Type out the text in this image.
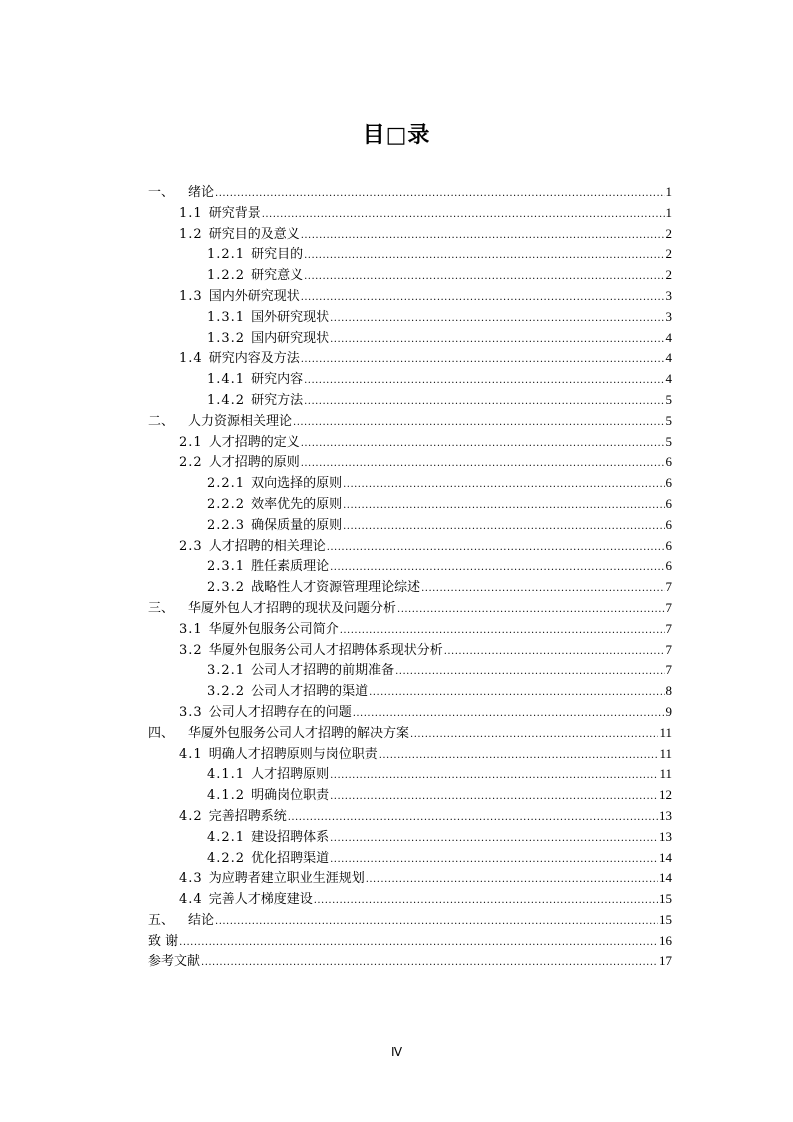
目□录
一、	绪论 .....	1
1.1 研究背景 .....	1
1.2 研究目的及意义 .....	2
1.2.1 研究目的 .....	2
1.2.2 研究意义 .....	2
1.3 国内外研究现状 .....	3
1.3.1 国外研究现状 .....	3
1.3.2 国内研究现状 .....	4
1.4 研究内容及方法 .....	4
1.4.1 研究内容 .....	4
1.4.2 研究方法 .....	5
二、	人力资源相关理论 .....	5
2.1 人才招聘的定义 .....	5
2.2 人才招聘的原则 .....	6
2.2.1 双向选择的原则 .....	6
2.2.2 效率优先的原则 .....	6
2.2.3 确保质量的原则 .....	6
2.3 人才招聘的相关理论 .....	6
2.3.1 胜任素质理论 .....	6
2.3.2 战略性人才资源管理理论综述 .....	7
三、	华厦外包人才招聘的现状及问题分析 .....	7
3.1 华厦外包服务公司简介 .....	7
3.2 华厦外包服务公司人才招聘体系现状分析 .....	7
3.2.1 公司人才招聘的前期准备 .....	7
3.2.2 公司人才招聘的渠道 .....	8
3.3 公司人才招聘存在的问题 .....	9
四、	华厦外包服务公司人才招聘的解决方案 .....	11
4.1 明确人才招聘原则与岗位职责 .....	11
4.1.1 人才招聘原则 .....	11
4.1.2 明确岗位职责 .....	12
4.2 完善招聘系统 .....	13
4.2.1 建设招聘体系 .....	13
4.2.2 优化招聘渠道 .....	14
4.3 为应聘者建立职业生涯规划 .....	14
4.4 完善人才梯度建设 .....	15
五、	结论 .....	15
致 谢 .....	16
参考文献 .....	17
Ⅳ
